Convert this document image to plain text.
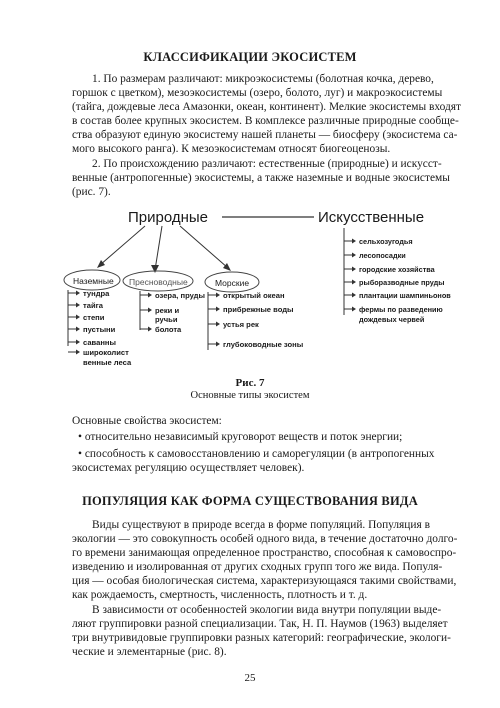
КЛАССИФИКАЦИИ ЭКОСИСТЕМ
1. По размерам различают: микроэкосистемы (болотная кочка, дерево,
горшок с цветком), мезоэкосистемы (озеро, болото, луг) и макроэкосистемы
(тайга, дождевые леса Амазонки, океан, континент). Мелкие экосистемы входят
в состав более крупных экосистем. В комплексе различные природные сообще-
ства образуют единую экосистему нашей планеты — биосферу (экосистема са-
мого высокого ранга). К мезоэкосистемам относят биогеоценозы.
2. По происхождению различают: естественные (природные) и искусст-
венные (антропогенные) экосистемы, а также наземные и водные экосистемы
(рис. 7).
Природные	Искусственные
Наземные Пресноводные	Морские
тундра
тайга
степи
пустыни
саванны
широколист
венные леса
озера, пруды
реки и
ручьи
болота
открытый океан
прибрежные воды
устья рек
глубоководные зоны
сельхозугодья
лесопосадки
городские хозяйства
рыборазводные пруды
плантации шампиньонов
фермы по разведению
дождевых червей
Рис. 7
Основные типы экосистем
Основные свойства экосистем:
• относительно независимый круговорот веществ и поток энергии;
• способность к самовосстановлению и саморегуляции (в антропогенных
экосистемах регуляцию осуществляет человек).
ПОПУЛЯЦИЯ КАК ФОРМА СУЩЕСТВОВАНИЯ ВИДА
Виды существуют в природе всегда в форме популяций. Популяция в
экологии — это совокупность особей одного вида, в течение достаточно долго-
го времени занимающая определенное пространство, способная к самовоспро-
изведению и изолированная от других сходных групп того же вида. Популя-
ция — особая биологическая система, характеризующаяся такими свойствами,
как рождаемость, смертность, численность, плотность и т. д.
В зависимости от особенностей экологии вида внутри популяции выде-
ляют группировки разной специализации. Так, Н. П. Наумов (1963) выделяет
три внутривидовые группировки разных категорий: географические, экологи-
ческие и элементарные (рис. 8).
25
